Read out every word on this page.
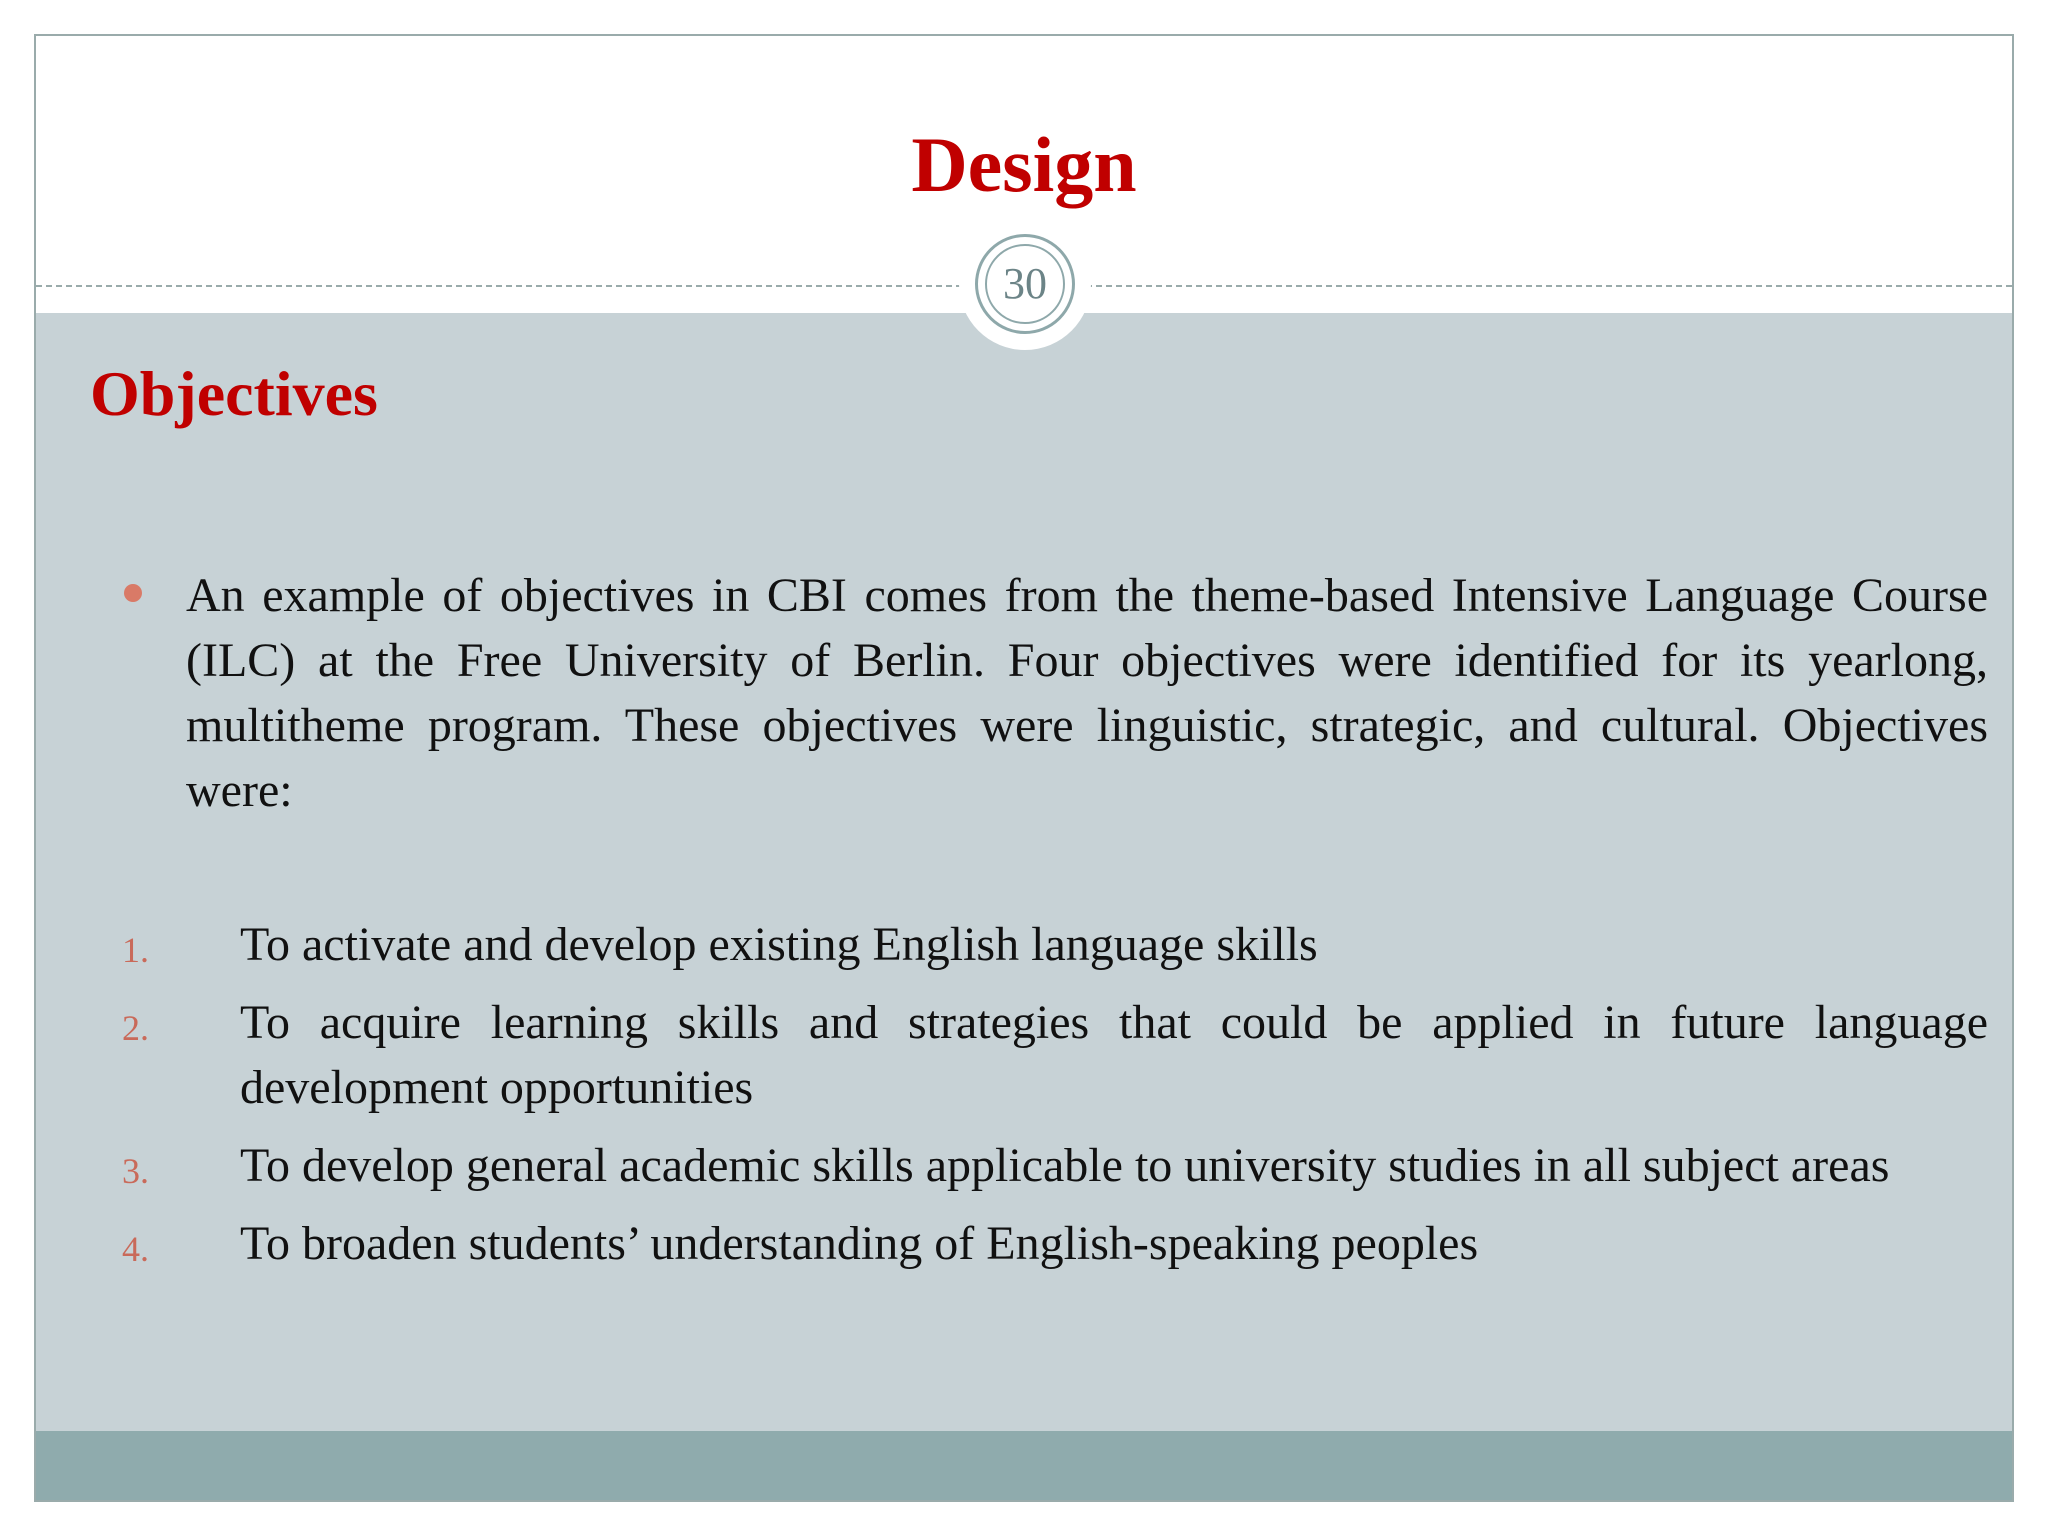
Design
30
Objectives

An example of objectives in CBI comes from the theme-based Intensive Language Course (ILC) at the Free University of Berlin. Four objectives were identified for its yearlong, multitheme program. These objectives were linguistic, strategic, and cultural. Objectives were:

1. To activate and develop existing English language skills
2. To acquire learning skills and strategies that could be applied in future language development opportunities
3. To develop general academic skills applicable to university studies in all subject areas
4. To broaden students’ understanding of English-speaking peoples
